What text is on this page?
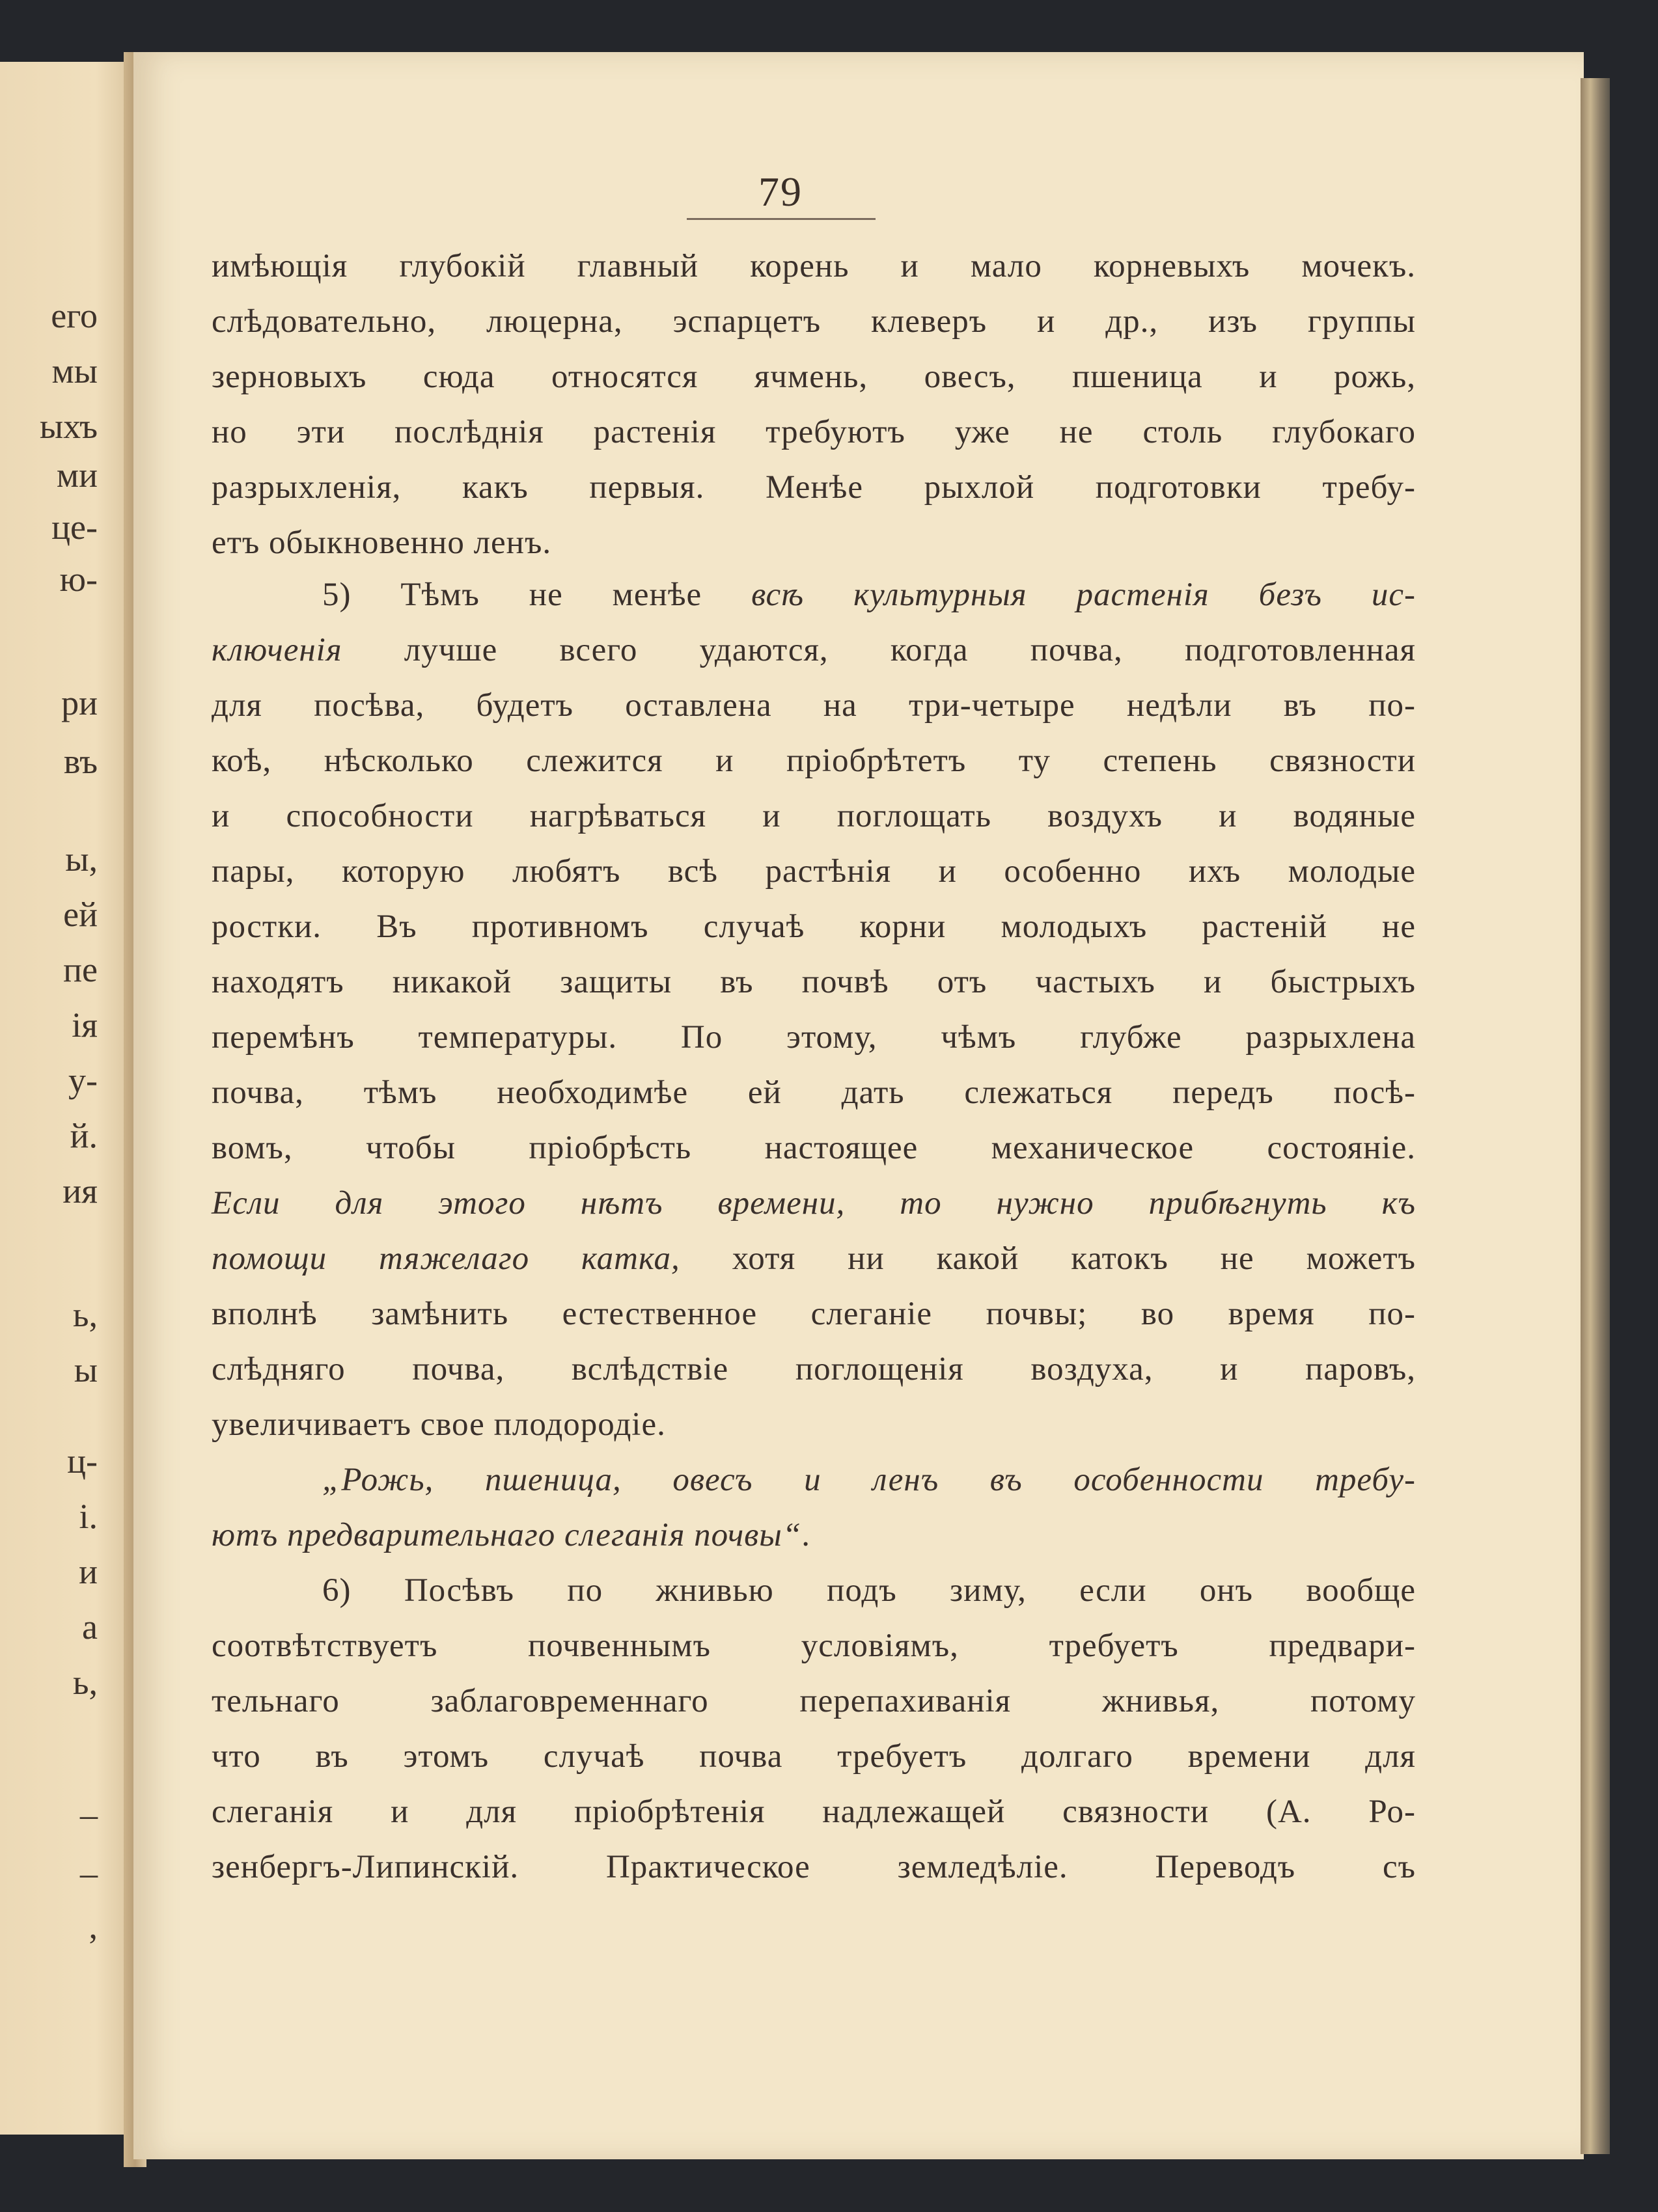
его
мы
ыхъ
ми
це-
ю-
ри
въ
ы,
ей
пе
ія
у-
й.
ия
ь,
ы
ц-
і.
и
а
ь,
_
_
,
79
имѣющія глубокій главный корень и мало корневыхъ мочекъ.
слѣдовательно, люцерна, эспарцетъ клеверъ и др., изъ группы
зерновыхъ сюда относятся ячмень, овесъ, пшеница и рожь,
но эти послѣднія растенія требуютъ уже не столь глубокаго
разрыхленія, какъ первыя. Менѣе рыхлой подготовки требу-
етъ обыкновенно ленъ.
5) Тѣмъ не менѣе всѣ культурныя растенія безъ ис-
ключенія лучше всего удаются, когда почва, подготовленная
для посѣва, будетъ оставлена на три-четыре недѣли въ по-
коѣ, нѣсколько слежится и пріобрѣтетъ ту степень связности
и способности нагрѣваться и поглощать воздухъ и водяные
пары, которую любятъ всѣ растѣнія и особенно ихъ молодые
ростки. Въ противномъ случаѣ корни молодыхъ растеній не
находятъ никакой защиты въ почвѣ отъ частыхъ и быстрыхъ
перемѣнъ температуры. По этому, чѣмъ глубже разрыхлена
почва, тѣмъ необходимѣе ей дать слежаться передъ посѣ-
вомъ, чтобы пріобрѣсть настоящее механическое состояніе.
Если для этого нѣтъ времени, то нужно прибѣгнуть къ
помощи тяжелаго катка, хотя ни какой катокъ не можетъ
вполнѣ замѣнить естественное слеганіе почвы; во время по-
слѣдняго почва, вслѣдствіе поглощенія воздуха, и паровъ,
увеличиваетъ свое плодородіе.
„Рожь, пшеница, овесъ и ленъ въ особенности требу-
ютъ предварительнаго слеганія почвы“.
6) Посѣвъ по жнивью подъ зиму, если онъ вообще
соотвѣтствуетъ почвеннымъ условіямъ, требуетъ предвари-
тельнаго заблаговременнаго перепахиванія жнивья, потому
что въ этомъ случаѣ почва требуетъ долгаго времени для
слеганія и для пріобрѣтенія надлежащей связности (А. Ро-
зенбергъ-Липинскій. Практическое земледѣліе. Переводъ съ
